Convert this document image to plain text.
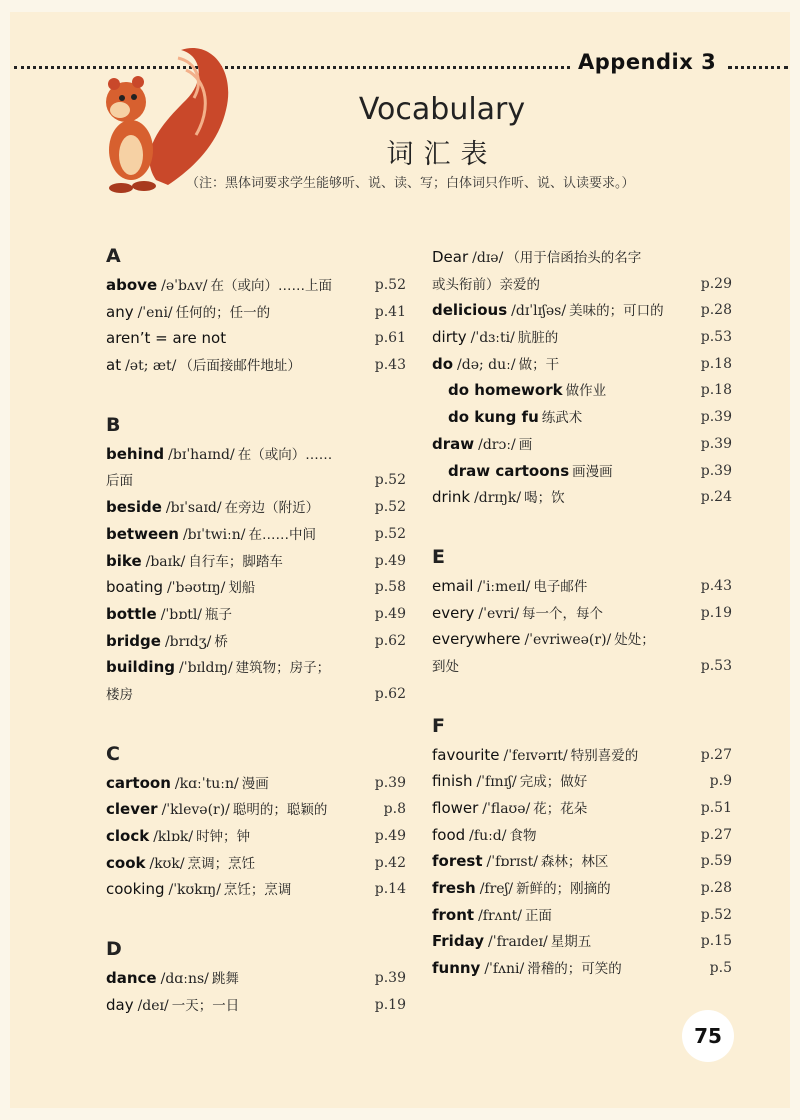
Appendix 3
Vocabulary
词汇表
（注：黑体词要求学生能够听、说、读、写；白体词只作听、说、认读要求。）
A
above /əˈbʌv/ 在（或向）……上面	p.52
any /ˈeni/ 任何的；任一的	p.41
aren’t = are not	p.61
at /ət; æt/ （后面接邮件地址）	p.43
B
behind /bɪˈhaɪnd/ 在（或向）……
后面	p.52
beside /bɪˈsaɪd/ 在旁边（附近）	p.52
between /bɪˈtwiːn/ 在……中间	p.52
bike /baɪk/ 自行车；脚踏车	p.49
boating /ˈbəʊtɪŋ/ 划船	p.58
bottle /ˈbɒtl/ 瓶子	p.49
bridge /brɪdʒ/ 桥	p.62
building /ˈbɪldɪŋ/ 建筑物；房子；
楼房	p.62
C
cartoon /kɑːˈtuːn/ 漫画	p.39
clever /ˈklevə(r)/ 聪明的；聪颖的	p.8
clock /klɒk/ 时钟；钟	p.49
cook /kʊk/ 烹调；烹饪	p.42
cooking /ˈkʊkɪŋ/ 烹饪；烹调	p.14
D
dance /dɑːns/ 跳舞	p.39
day /deɪ/ 一天；一日	p.19
Dear /dɪə/ （用于信函抬头的名字
或头衔前）亲爱的	p.29
delicious /dɪˈlɪʃəs/ 美味的；可口的	p.28
dirty /ˈdɜːti/ 肮脏的	p.53
do /də; duː/ 做；干	p.18
do homework 做作业	p.18
do kung fu 练武术	p.39
draw /drɔː/ 画	p.39
draw cartoons 画漫画	p.39
drink /drɪŋk/ 喝；饮	p.24
E
email /ˈiːmeɪl/ 电子邮件	p.43
every /ˈevri/ 每一个，每个	p.19
everywhere /ˈevriweə(r)/ 处处；
到处	p.53
F
favourite /ˈfeɪvərɪt/ 特别喜爱的	p.27
finish /ˈfɪnɪʃ/ 完成；做好	p.9
flower /ˈflaʊə/ 花；花朵	p.51
food /fuːd/ 食物	p.27
forest /ˈfɒrɪst/ 森林；林区	p.59
fresh /freʃ/ 新鲜的；刚摘的	p.28
front /frʌnt/ 正面	p.52
Friday /ˈfraɪdeɪ/ 星期五	p.15
funny /ˈfʌni/ 滑稽的；可笑的	p.5
75
